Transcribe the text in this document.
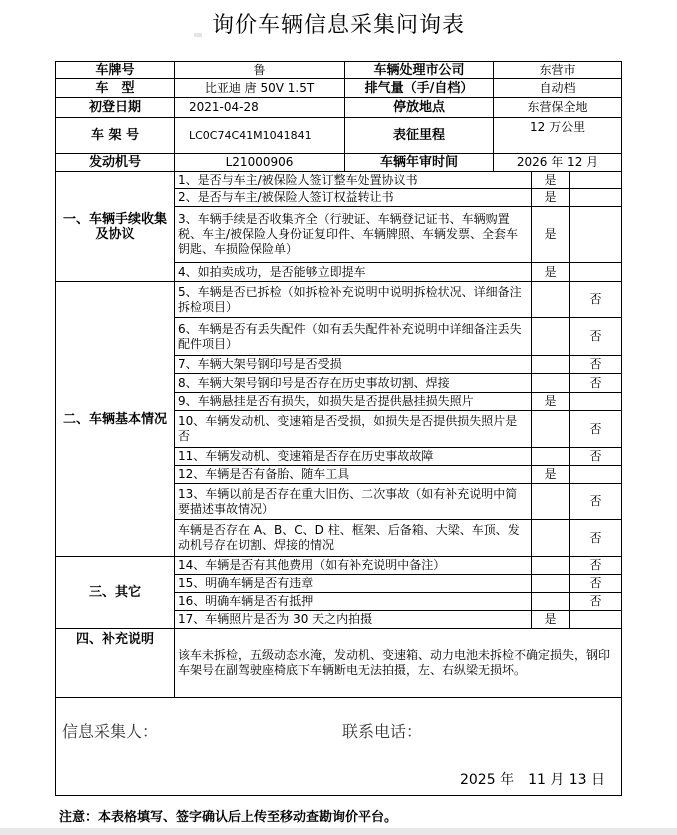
询价车辆信息采集问询表
车牌号	鲁	车辆处理市公司	东营市		
车　型	比亚迪 唐 50V 1.5T	排气量（手/自档）	自动档		
初登日期	2021-04-28	停放地点	东营保全地		
车 架 号	LC0C74C41M1041841	表征里程	12 万公里		
发动机号	L21000906	车辆年审时间	2026 年 12 月		
一、车辆手续收集及协议	1、是否与车主/被保险人签订整车处置协议书			是	
	2、是否与车主/被保险人签订权益转让书			是	
	3、车辆手续是否收集齐全（行驶证、车辆登记证书、车辆购置税、车主/被保险人身份证复印件、车辆牌照、车辆发票、全套车钥匙、车损险保险单）			是	
	4、如拍卖成功，是否能够立即提车			是	
二、车辆基本情况	5、车辆是否已拆检（如拆检补充说明中说明拆检状况、详细备注拆检项目）				否
	6、车辆是否有丢失配件（如有丢失配件补充说明中详细备注丢失配件项目）				否
	7、车辆大架号钢印号是否受损				否
	8、车辆大架号钢印号是否存在历史事故切割、焊接				否
	9、车辆悬挂是否有损失，如损失是否提供悬挂损失照片			是	
	10、车辆发动机、变速箱是否受损，如损失是否提供损失照片是否				否
	11、车辆发动机、变速箱是否存在历史事故故障				否
	12、车辆是否有备胎、随车工具			是	
	13、车辆以前是否存在重大旧伤、二次事故（如有补充说明中简要描述事故情况）				否
	车辆是否存在 A、B、C、D 柱、框架、后备箱、大梁、车顶、发动机号存在切割、焊接的情况				否
三、其它	14、车辆是否有其他费用（如有补充说明中备注）				否
	15、明确车辆是否有违章				否
	16、明确车辆是否有抵押				否
	17、车辆照片是否为 30 天之内拍摄			是	
四、补充说明	该车未拆检，五级动态水淹，发动机、变速箱、动力电池未拆检不确定损失，钢印车架号在副驾驶座椅底下车辆断电无法拍摄，左、右纵梁无损坏。				

信息采集人： 联系电话：
2025 年　11 月 13 日					
注意：本表格填写、签字确认后上传至移动查勘询价平台。
